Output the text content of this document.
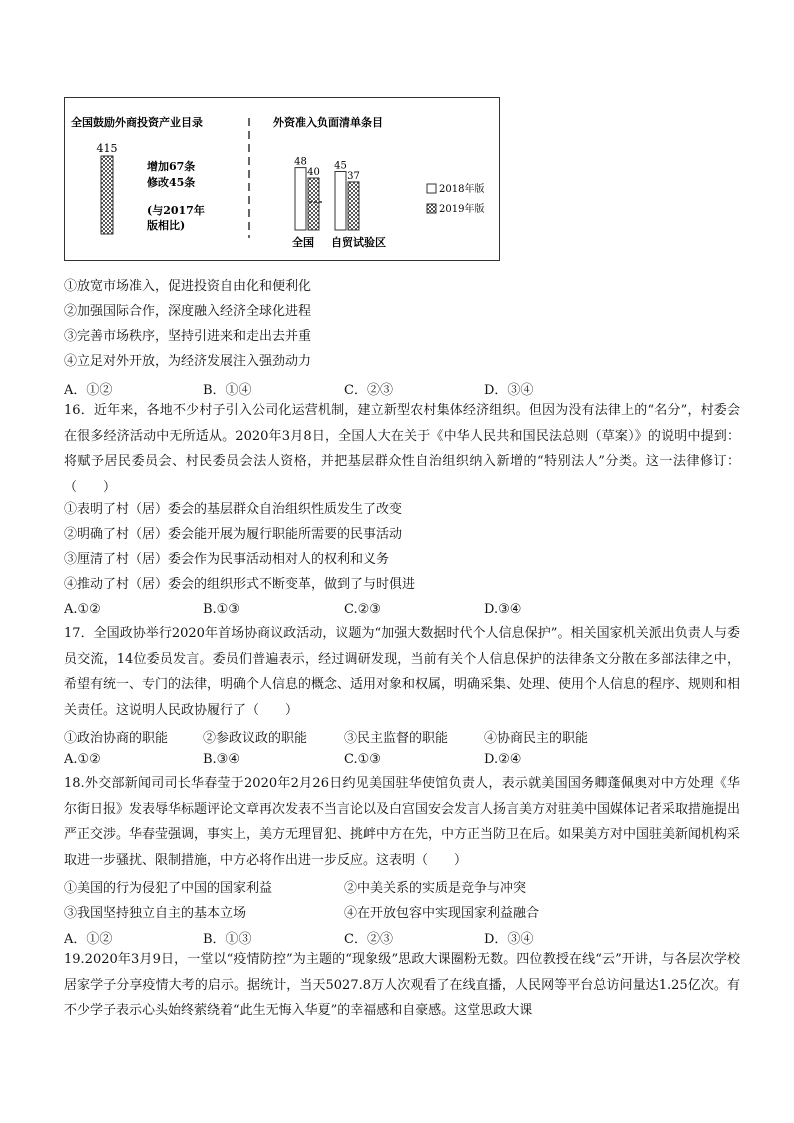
全国鼓励外商投资产业目录
415
增加67条
修改45条
(与2017年
版相比)
外资准入负面清单条目
48
40
45
37
全国 自贸试验区
2018年版
2019年版
①放宽市场准入，促进投资自由化和便利化
②加强国际合作，深度融入经济全球化进程
③完善市场秩序，坚持引进来和走出去并重
④立足对外开放，为经济发展注入强劲动力
A．①②	B．①④	C．②③	D．③④
16．近年来，各地不少村子引入公司化运营机制，建立新型农村集体经济组织。但因为没有法律上的“名分”，村委会在很多经济活动中无所适从。2020年3月8日，全国人大在关于《中华人民共和国民法总则（草案）》的说明中提到：将赋予居民委员会、村民委员会法人资格，并把基层群众性自治组织纳入新增的“特别法人”分类。这一法律修订：（　　）
①表明了村（居）委会的基层群众自治组织性质发生了改变
②明确了村（居）委会能开展为履行职能所需要的民事活动
③厘清了村（居）委会作为民事活动相对人的权利和义务
④推动了村（居）委会的组织形式不断变革，做到了与时俱进
A.①②	B.①③	C.②③	D.③④
17．全国政协举行2020年首场协商议政活动，议题为“加强大数据时代个人信息保护”。相关国家机关派出负责人与委员交流，14位委员发言。委员们普遍表示，经过调研发现，当前有关个人信息保护的法律条文分散在多部法律之中，希望有统一、专门的法律，明确个人信息的概念、适用对象和权属，明确采集、处理、使用个人信息的程序、规则和相关责任。这说明人民政协履行了（　　）
①政治协商的职能	②参政议政的职能	③民主监督的职能	④协商民主的职能
A.①②	B.③④	C.①③	D.②④
18.外交部新闻司司长华春莹于2020年2月26日约见美国驻华使馆负责人，表示就美国国务卿蓬佩奥对中方处理《华尔街日报》发表辱华标题评论文章再次发表不当言论以及白宫国安会发言人扬言美方对驻美中国媒体记者采取措施提出严正交涉。华春莹强调，事实上，美方无理冒犯、挑衅中方在先，中方正当防卫在后。如果美方对中国驻美新闻机构采取进一步骚扰、限制措施，中方必将作出进一步反应。这表明（　　）
①美国的行为侵犯了中国的国家利益	②中美关系的实质是竞争与冲突
③我国坚持独立自主的基本立场	④在开放包容中实现国家利益融合
A．①②	B．①③	C．②③	D．③④
19.2020年3月9日，一堂以“疫情防控”为主题的“现象级”思政大课圈粉无数。四位教授在线“云”开讲，与各层次学校居家学子分享疫情大考的启示。据统计，当天5027.8万人次观看了在线直播，人民网等平台总访问量达1.25亿次。有不少学子表示心头始终萦绕着“此生无悔入华夏”的幸福感和自豪感。这堂思政大课
